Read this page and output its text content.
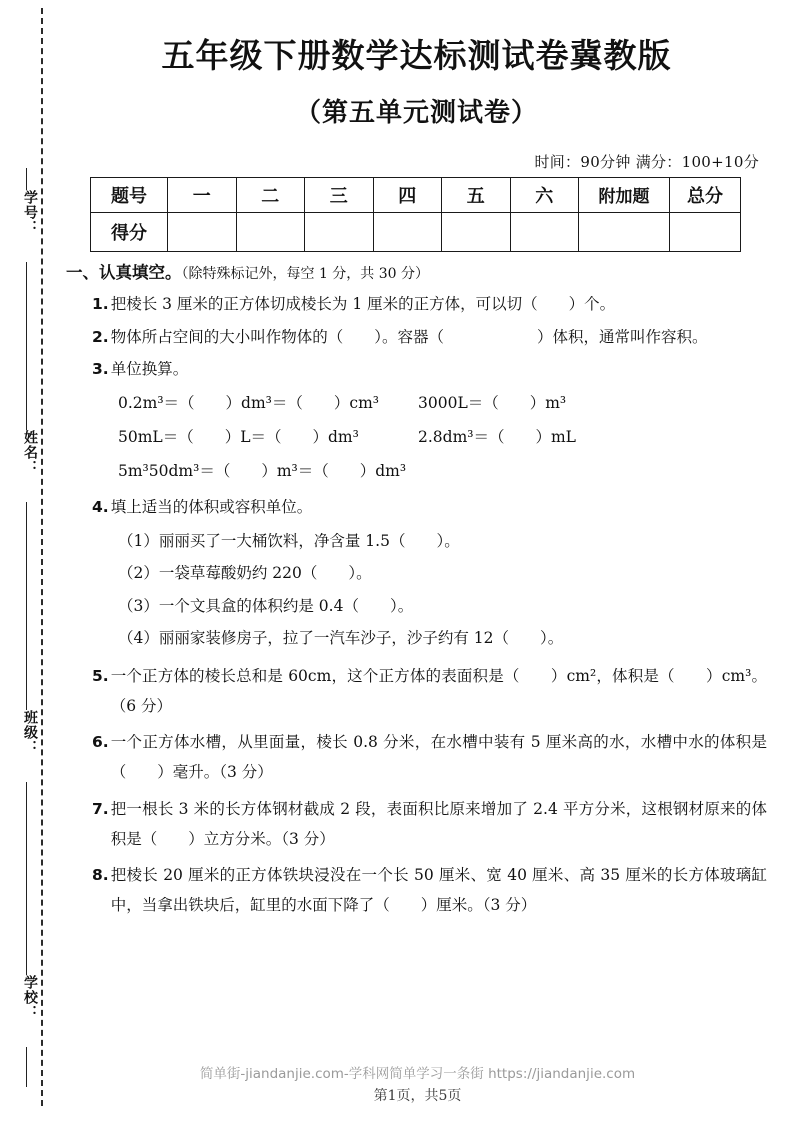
学号：
姓名：
班级：
学校：
五年级下册数学达标测试卷冀教版
（第五单元测试卷）
时间：90分钟 满分：100+10分
题号	一	二	三	四	五	六	附加题	总分
得分								
一、认真填空。（除特殊标记外，每空 1 分，共 30 分）
1. 把棱长 3 厘米的正方体切成棱长为 1 厘米的正方体，可以切（　　）个。
2. 物体所占空间的大小叫作物体的（　　）。容器（　　　　　　）体积，通常叫作容积。
3. 单位换算。
0.2m³＝（　　）dm³＝（　　）cm³	3000L＝（　　）m³
50mL＝（　　）L＝（　　）dm³	2.8dm³＝（　　）mL
5m³50dm³＝（　　）m³＝（　　）dm³
4. 填上适当的体积或容积单位。
（1）丽丽买了一大桶饮料，净含量 1.5（　　）。
（2）一袋草莓酸奶约 220（　　）。
（3）一个文具盒的体积约是 0.4（　　）。
（4）丽丽家装修房子，拉了一汽车沙子，沙子约有 12（　　）。
5. 一个正方体的棱长总和是 60cm，这个正方体的表面积是（　　）cm²，体积是（　　）cm³。（6 分）
6. 一个正方体水槽，从里面量，棱长 0.8 分米，在水槽中装有 5 厘米高的水，水槽中水的体积是（　　）毫升。（3 分）
7. 把一根长 3 米的长方体钢材截成 2 段，表面积比原来增加了 2.4 平方分米，这根钢材原来的体积是（　　）立方分米。（3 分）
8. 把棱长 20 厘米的正方体铁块浸没在一个长 50 厘米、宽 40 厘米、高 35 厘米的长方体玻璃缸中，当拿出铁块后，缸里的水面下降了（　　）厘米。（3 分）
简单街-jiandanjie.com-学科网简单学习一条街 https://jiandanjie.com
第1页，共5页
